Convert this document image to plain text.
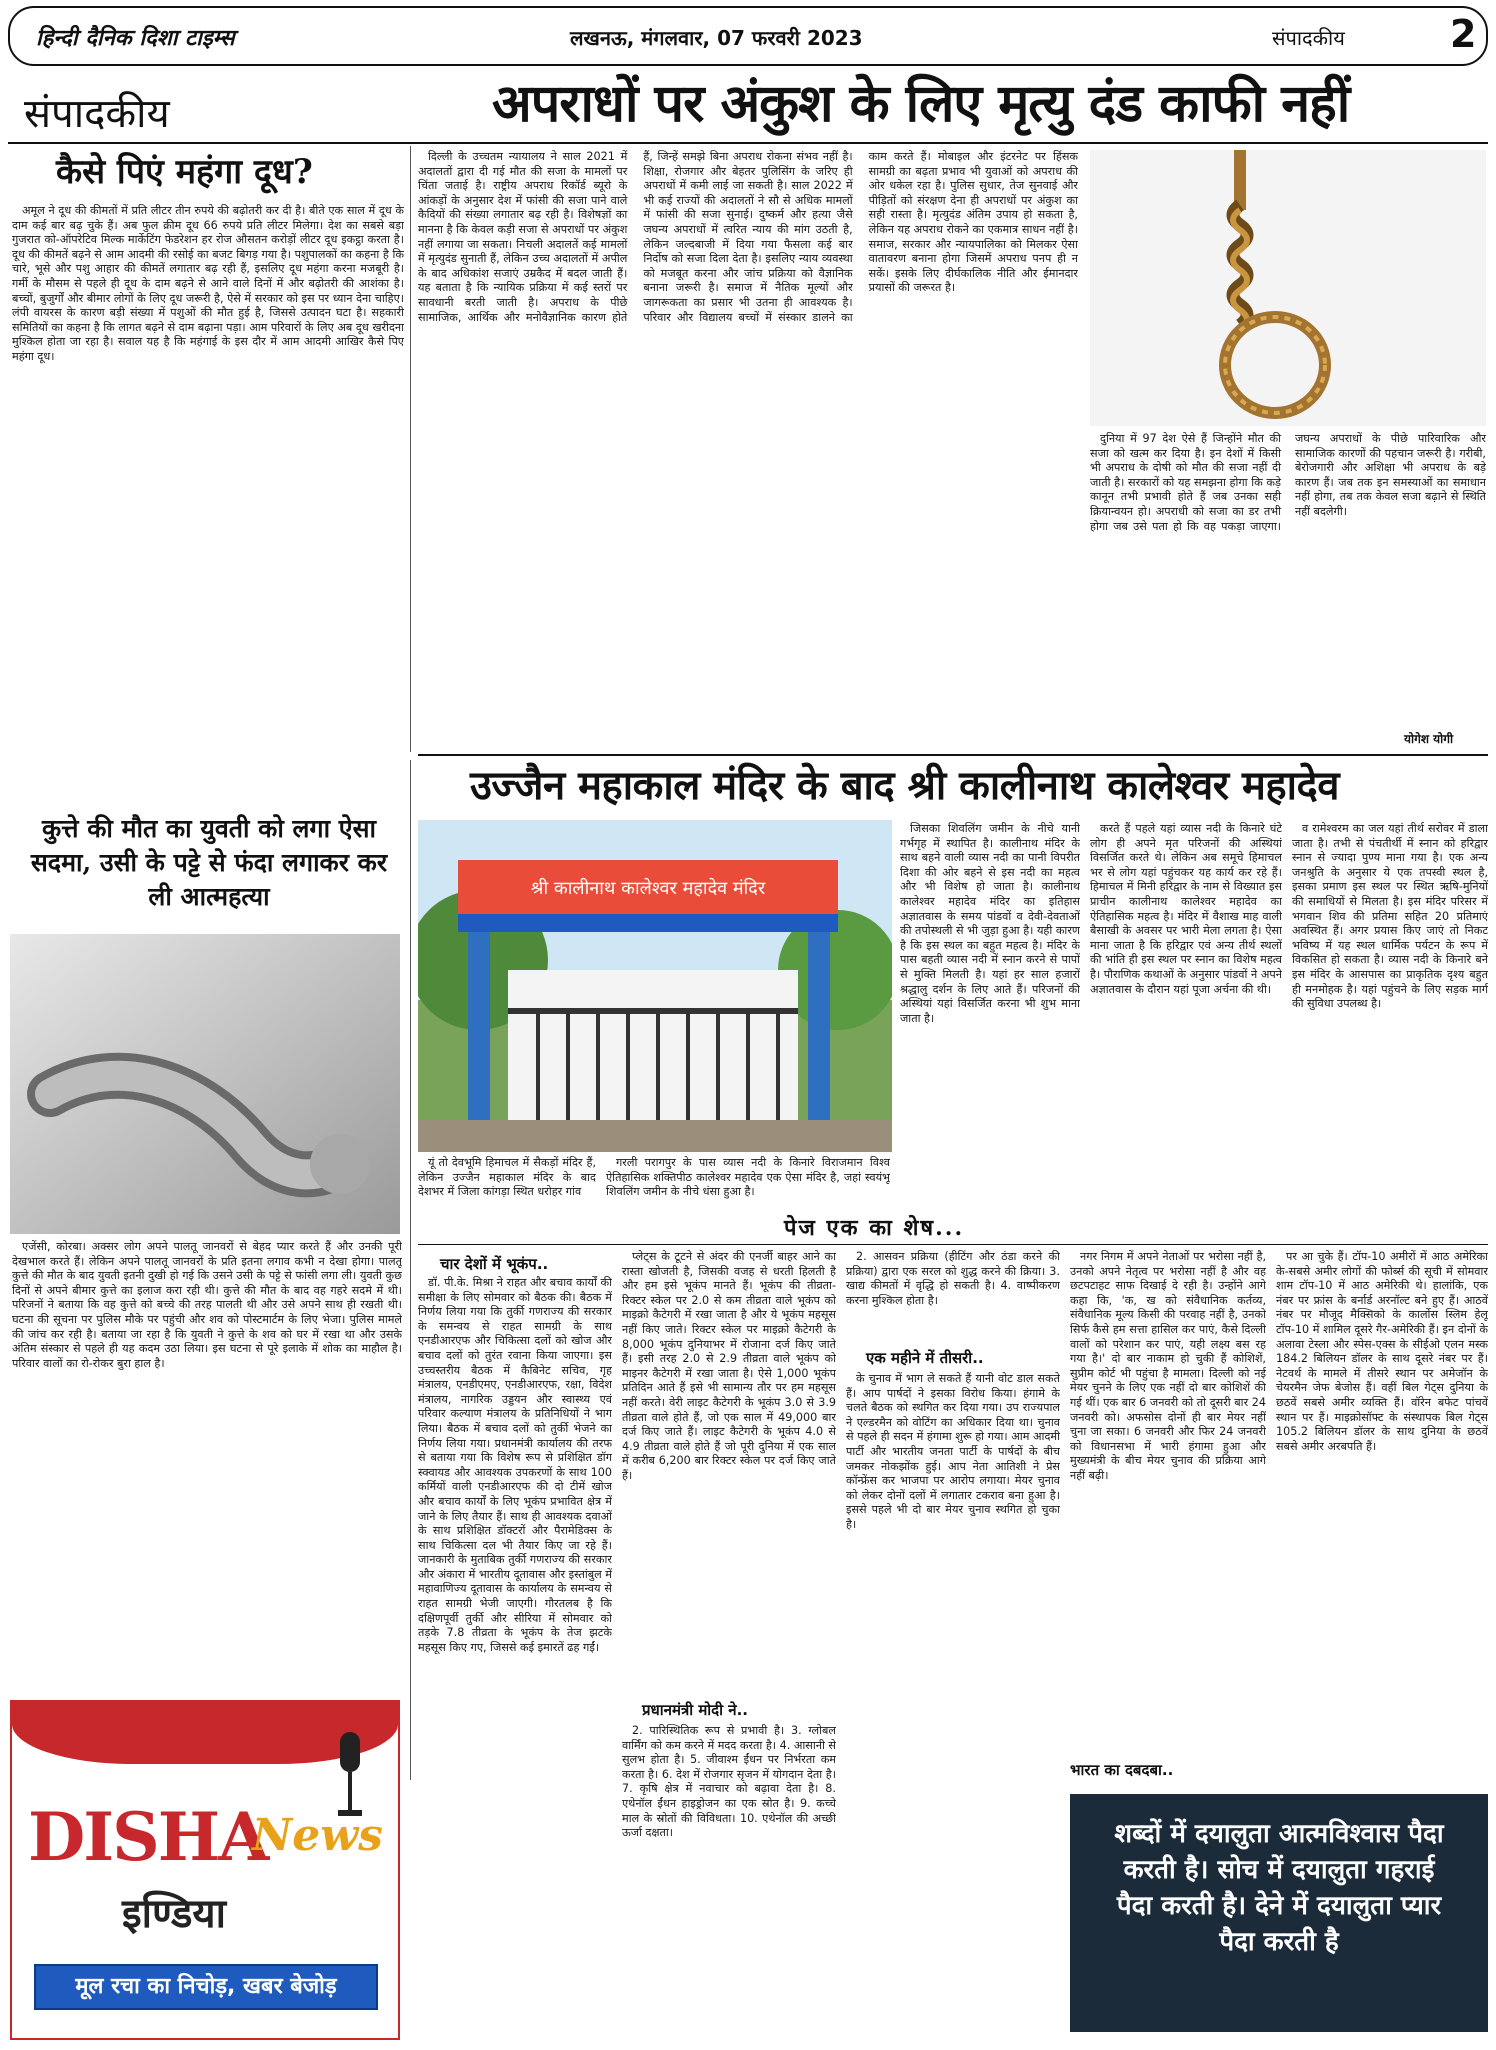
हिन्दी दैनिक दिशा टाइम्स	लखनऊ, मंगलवार, 07 फरवरी 2023	संपादकीय	2
संपादकीय	अपराधों पर अंकुश के लिए मृत्यु दंड काफी नहीं
कैसे पिएं महंगा दूध?

अमूल ने दूध की कीमतों में प्रति लीटर तीन रुपये की बढ़ोतरी कर दी है। बीते एक साल में दूध के दाम कई बार बढ़ चुके हैं। अब फुल क्रीम दूध 66 रुपये प्रति लीटर मिलेगा। देश का सबसे बड़ा गुजरात को-ऑपरेटिव मिल्क मार्केटिंग फेडरेशन हर रोज औसतन करोड़ों लीटर दूध इकट्ठा करता है। दूध की कीमतें बढ़ने से आम आदमी की रसोई का बजट बिगड़ गया है। पशुपालकों का कहना है कि चारे, भूसे और पशु आहार की कीमतें लगातार बढ़ रही हैं, इसलिए दूध महंगा करना मजबूरी है। गर्मी के मौसम से पहले ही दूध के दाम बढ़ने से आने वाले दिनों में और बढ़ोतरी की आशंका है। बच्चों, बुजुर्गों और बीमार लोगों के लिए दूध जरूरी है, ऐसे में सरकार को इस पर ध्यान देना चाहिए। लंपी वायरस के कारण बड़ी संख्या में पशुओं की मौत हुई है, जिससे उत्पादन घटा है। सहकारी समितियों का कहना है कि लागत बढ़ने से दाम बढ़ाना पड़ा। आम परिवारों के लिए अब दूध खरीदना मुश्किल होता जा रहा है। सवाल यह है कि महंगाई के इस दौर में आम आदमी आखिर कैसे पिए महंगा दूध।

दिल्ली के उच्चतम न्यायालय ने साल 2021 में अदालतों द्वारा दी गई मौत की सजा के मामलों पर चिंता जताई है। राष्ट्रीय अपराध रिकॉर्ड ब्यूरो के आंकड़ों के अनुसार देश में फांसी की सजा पाने वाले कैदियों की संख्या लगातार बढ़ रही है। विशेषज्ञों का मानना है कि केवल कड़ी सजा से अपराधों पर अंकुश नहीं लगाया जा सकता। निचली अदालतें कई मामलों में मृत्युदंड सुनाती हैं, लेकिन उच्च अदालतों में अपील के बाद अधिकांश सजाएं उम्रकैद में बदल जाती हैं। यह बताता है कि न्यायिक प्रक्रिया में कई स्तरों पर सावधानी बरती जाती है। अपराध के पीछे सामाजिक, आर्थिक और मनोवैज्ञानिक कारण होते हैं, जिन्हें समझे बिना अपराध रोकना संभव नहीं है। शिक्षा, रोजगार और बेहतर पुलिसिंग के जरिए ही अपराधों में कमी लाई जा सकती है। साल 2022 में भी कई राज्यों की अदालतों ने सौ से अधिक मामलों में फांसी की सजा सुनाई। दुष्कर्म और हत्या जैसे जघन्य अपराधों में त्वरित न्याय की मांग उठती है, लेकिन जल्दबाजी में दिया गया फैसला कई बार निर्दोष को सजा दिला देता है। इसलिए न्याय व्यवस्था को मजबूत करना और जांच प्रक्रिया को वैज्ञानिक बनाना जरूरी है। समाज में नैतिक मूल्यों और जागरूकता का प्रसार भी उतना ही आवश्यक है। परिवार और विद्यालय बच्चों में संस्कार डालने का काम करते हैं। मोबाइल और इंटरनेट पर हिंसक सामग्री का बढ़ता प्रभाव भी युवाओं को अपराध की ओर धकेल रहा है। पुलिस सुधार, तेज सुनवाई और पीड़ितों को संरक्षण देना ही अपराधों पर अंकुश का सही रास्ता है। मृत्युदंड अंतिम उपाय हो सकता है, लेकिन यह अपराध रोकने का एकमात्र साधन नहीं है। समाज, सरकार और न्यायपालिका को मिलकर ऐसा वातावरण बनाना होगा जिसमें अपराध पनप ही न सकें। इसके लिए दीर्घकालिक नीति और ईमानदार प्रयासों की जरूरत है।

दुनिया में 97 देश ऐसे हैं जिन्होंने मौत की सजा को खत्म कर दिया है। इन देशों में किसी भी अपराध के दोषी को मौत की सजा नहीं दी जाती है। सरकारों को यह समझना होगा कि कड़े कानून तभी प्रभावी होते हैं जब उनका सही क्रियान्वयन हो। अपराधी को सजा का डर तभी होगा जब उसे पता हो कि वह पकड़ा जाएगा। जघन्य अपराधों के पीछे पारिवारिक और सामाजिक कारणों की पहचान जरूरी है। गरीबी, बेरोजगारी और अशिक्षा भी अपराध के बड़े कारण हैं। जब तक इन समस्याओं का समाधान नहीं होगा, तब तक केवल सजा बढ़ाने से स्थिति नहीं बदलेगी।

योगेश योगी
कुत्ते की मौत का युवती को लगा ऐसा सदमा, उसी के पट्टे से फंदा लगाकर कर ली आत्महत्या

एजेंसी, कोरबा। अक्सर लोग अपने पालतू जानवरों से बेहद प्यार करते हैं और उनकी पूरी देखभाल करते हैं। लेकिन अपने पालतू जानवरों के प्रति इतना लगाव कभी न देखा होगा। पालतू कुत्ते की मौत के बाद युवती इतनी दुखी हो गई कि उसने उसी के पट्टे से फांसी लगा ली। युवती कुछ दिनों से अपने बीमार कुत्ते का इलाज करा रही थी। कुत्ते की मौत के बाद वह गहरे सदमे में थी। परिजनों ने बताया कि वह कुत्ते को बच्चे की तरह पालती थी और उसे अपने साथ ही रखती थी। घटना की सूचना पर पुलिस मौके पर पहुंची और शव को पोस्टमार्टम के लिए भेजा। पुलिस मामले की जांच कर रही है। बताया जा रहा है कि युवती ने कुत्ते के शव को घर में रखा था और उसके अंतिम संस्कार से पहले ही यह कदम उठा लिया। इस घटना से पूरे इलाके में शोक का माहौल है। परिवार वालों का रो-रोकर बुरा हाल है।

उज्जैन महाकाल मंदिर के बाद श्री कालीनाथ कालेश्वर महादेव
श्री कालीनाथ कालेश्वर महादेव मंदिर

यूं तो देवभूमि हिमाचल में सैकड़ों मंदिर हैं, लेकिन उज्जैन महाकाल मंदिर के बाद देशभर में जिला कांगड़ा स्थित धरोहर गांव

गरली परागपुर के पास व्यास नदी के किनारे विराजमान विश्व ऐतिहासिक शक्तिपीठ कालेश्वर महादेव एक ऐसा मंदिर है, जहां स्वयंभू शिवलिंग जमीन के नीचे धंसा हुआ है।

जिसका शिवलिंग जमीन के नीचे यानी गर्भगृह में स्थापित है। कालीनाथ मंदिर के साथ बहने वाली व्यास नदी का पानी विपरीत दिशा की ओर बहने से इस नदी का महत्व और भी विशेष हो जाता है। कालीनाथ कालेश्वर महादेव मंदिर का इतिहास अज्ञातवास के समय पांडवों व देवी-देवताओं की तपोस्थली से भी जुड़ा हुआ है। यही कारण है कि इस स्थल का बहुत महत्व है। मंदिर के पास बहती व्यास नदी में स्नान करने से पापों से मुक्ति मिलती है। यहां हर साल हजारों श्रद्धालु दर्शन के लिए आते हैं। परिजनों की अस्थियां यहां विसर्जित करना भी शुभ माना जाता है।

करते हैं पहले यहां व्यास नदी के किनारे घंटे लोग ही अपने मृत परिजनों की अस्थियां विसर्जित करते थे। लेकिन अब समूचे हिमाचल भर से लोग यहां पहुंचकर यह कार्य कर रहे हैं। हिमाचल में मिनी हरिद्वार के नाम से विख्यात इस प्राचीन कालीनाथ कालेश्वर महादेव का ऐतिहासिक महत्व है। मंदिर में वैशाख माह वाली बैसाखी के अवसर पर भारी मेला लगता है। ऐसा माना जाता है कि हरिद्वार एवं अन्य तीर्थ स्थलों की भांति ही इस स्थल पर स्नान का विशेष महत्व है। पौराणिक कथाओं के अनुसार पांडवों ने अपने अज्ञातवास के दौरान यहां पूजा अर्चना की थी।

व रामेश्वरम का जल यहां तीर्थ सरोवर में डाला जाता है। तभी से पंचतीर्थी में स्नान को हरिद्वार स्नान से ज्यादा पुण्य माना गया है। एक अन्य जनश्रुति के अनुसार ये एक तपस्वी स्थल है, इसका प्रमाण इस स्थल पर स्थित ऋषि-मुनियों की समाधियों से मिलता है। इस मंदिर परिसर में भगवान शिव की प्रतिमा सहित 20 प्रतिमाएं अवस्थित हैं। अगर प्रयास किए जाएं तो निकट भविष्य में यह स्थल धार्मिक पर्यटन के रूप में विकसित हो सकता है। व्यास नदी के किनारे बने इस मंदिर के आसपास का प्राकृतिक दृश्य बहुत ही मनमोहक है। यहां पहुंचने के लिए सड़क मार्ग की सुविधा उपलब्ध है।

पेज एक का शेष...
चार देशों में भूकंप..

डॉ. पी.के. मिश्रा ने राहत और बचाव कार्यों की समीक्षा के लिए सोमवार को बैठक की। बैठक में निर्णय लिया गया कि तुर्की गणराज्य की सरकार के समन्वय से राहत सामग्री के साथ एनडीआरएफ और चिकित्सा दलों को खोज और बचाव दलों को तुरंत रवाना किया जाएगा। इस उच्चस्तरीय बैठक में कैबिनेट सचिव, गृह मंत्रालय, एनडीएमए, एनडीआरएफ, रक्षा, विदेश मंत्रालय, नागरिक उड्डयन और स्वास्थ्य एवं परिवार कल्याण मंत्रालय के प्रतिनिधियों ने भाग लिया। बैठक में बचाव दलों को तुर्की भेजने का निर्णय लिया गया। प्रधानमंत्री कार्यालय की तरफ से बताया गया कि विशेष रूप से प्रशिक्षित डॉग स्क्वायड और आवश्यक उपकरणों के साथ 100 कर्मियों वाली एनडीआरएफ की दो टीमें खोज और बचाव कार्यों के लिए भूकंप प्रभावित क्षेत्र में जाने के लिए तैयार हैं। साथ ही आवश्यक दवाओं के साथ प्रशिक्षित डॉक्टरों और पैरामेडिक्स के साथ चिकित्सा दल भी तैयार किए जा रहे हैं। जानकारी के मुताबिक तुर्की गणराज्य की सरकार और अंकारा में भारतीय दूतावास और इस्तांबुल में महावाणिज्य दूतावास के कार्यालय के समन्वय से राहत सामग्री भेजी जाएगी। गौरतलब है कि दक्षिणपूर्वी तुर्की और सीरिया में सोमवार को तड़के 7.8 तीव्रता के भूकंप के तेज झटके महसूस किए गए, जिससे कई इमारतें ढह गईं।

प्लेट्स के टूटने से अंदर की एनर्जी बाहर आने का रास्ता खोजती है, जिसकी वजह से धरती हिलती है और हम इसे भूकंप मानते हैं। भूकंप की तीव्रता- रिक्टर स्केल पर 2.0 से कम तीव्रता वाले भूकंप को माइक्रो कैटेगरी में रखा जाता है और ये भूकंप महसूस नहीं किए जाते। रिक्टर स्केल पर माइक्रो कैटेगरी के 8,000 भूकंप दुनियाभर में रोजाना दर्ज किए जाते हैं। इसी तरह 2.0 से 2.9 तीव्रता वाले भूकंप को माइनर कैटेगरी में रखा जाता है। ऐसे 1,000 भूकंप प्रतिदिन आते हैं इसे भी सामान्य तौर पर हम महसूस नहीं करते। वेरी लाइट कैटेगरी के भूकंप 3.0 से 3.9 तीव्रता वाले होते हैं, जो एक साल में 49,000 बार दर्ज किए जाते हैं। लाइट कैटेगरी के भूकंप 4.0 से 4.9 तीव्रता वाले होते हैं जो पूरी दुनिया में एक साल में करीब 6,200 बार रिक्टर स्केल पर दर्ज किए जाते हैं।

प्रधानमंत्री मोदी ने..

2. पारिस्थितिक रूप से प्रभावी है। 3. ग्लोबल वार्मिंग को कम करने में मदद करता है। 4. आसानी से सुलभ होता है। 5. जीवाश्म ईंधन पर निर्भरता कम करता है। 6. देश में रोजगार सृजन में योगदान देता है। 7. कृषि क्षेत्र में नवाचार को बढ़ावा देता है। 8. एथेनॉल ईंधन हाइड्रोजन का एक स्रोत है। 9. कच्चे माल के स्रोतों की विविधता। 10. एथेनॉल की अच्छी ऊर्जा दक्षता।

2. आसवन प्रक्रिया (हीटिंग और ठंडा करने की प्रक्रिया) द्वारा एक सरल को शुद्ध करने की क्रिया। 3. खाद्य कीमतों में वृद्धि हो सकती है। 4. वाष्पीकरण करना मुश्किल होता है।

एक महीने में तीसरी..

के चुनाव में भाग ले सकते हैं यानी वोट डाल सकते हैं। आप पार्षदों ने इसका विरोध किया। हंगामे के चलते बैठक को स्थगित कर दिया गया। उप राज्यपाल ने एल्डरमैन को वोटिंग का अधिकार दिया था। चुनाव से पहले ही सदन में हंगामा शुरू हो गया। आम आदमी पार्टी और भारतीय जनता पार्टी के पार्षदों के बीच जमकर नोकझोंक हुई। आप नेता आतिशी ने प्रेस कॉन्फ्रेंस कर भाजपा पर आरोप लगाया। मेयर चुनाव को लेकर दोनों दलों में लगातार टकराव बना हुआ है। इससे पहले भी दो बार मेयर चुनाव स्थगित हो चुका है।

नगर निगम में अपने नेताओं पर भरोसा नहीं है, उनको अपने नेतृत्व पर भरोसा नहीं है और वह छटपटाहट साफ दिखाई दे रही है। उन्होंने आगे कहा कि, 'क, ख को संवैधानिक कर्तव्य, संवैधानिक मूल्य किसी की परवाह नहीं है, उनको सिर्फ कैसे हम सत्ता हासिल कर पाएं, कैसे दिल्ली वालों को परेशान कर पाएं, यही लक्ष्य बस रह गया है।' दो बार नाकाम हो चुकी हैं कोशिशें, सुप्रीम कोर्ट भी पहुंचा है मामला। दिल्ली को नई मेयर चुनने के लिए एक नहीं दो बार कोशिशें की गई थीं। एक बार 6 जनवरी को तो दूसरी बार 24 जनवरी को। अफसोस दोनों ही बार मेयर नहीं चुना जा सका। 6 जनवरी और फिर 24 जनवरी को विधानसभा में भारी हंगामा हुआ और मुख्यमंत्री के बीच मेयर चुनाव की प्रक्रिया आगे नहीं बढ़ी।

भारत का दबदबा..

पर आ चुके हैं। टॉप-10 अमीरों में आठ अमेरिका के-सबसे अमीर लोगों की फोर्ब्स की सूची में सोमवार शाम टॉप-10 में आठ अमेरिकी थे। हालांकि, एक नंबर पर फ्रांस के बर्नार्ड अरनॉल्ट बने हुए हैं। आठवें नंबर पर मौजूद मैक्सिको के कार्लोस स्लिम हेलू टॉप-10 में शामिल दूसरे गैर-अमेरिकी हैं। इन दोनों के अलावा टेस्ला और स्पेस-एक्स के सीईओ एलन मस्क 184.2 बिलियन डॉलर के साथ दूसरे नंबर पर हैं। नेटवर्थ के मामले में तीसरे स्थान पर अमेजॉन के चेयरमैन जेफ बेजोस हैं। वहीं बिल गेट्स दुनिया के छठवें सबसे अमीर व्यक्ति हैं। वॉरेन बफेट पांचवें स्थान पर हैं। माइक्रोसॉफ्ट के संस्थापक बिल गेट्स 105.2 बिलियन डॉलर के साथ दुनिया के छठवें सबसे अमीर अरबपति हैं।

DISHA
News
इण्डिया
मूल रचा का निचोड़, खबर बेजोड़
शब्दों में दयालुता आत्मविश्वास पैदा करती है। सोच में दयालुता गहराई पैदा करती है। देने में दयालुता प्यार पैदा करती है
